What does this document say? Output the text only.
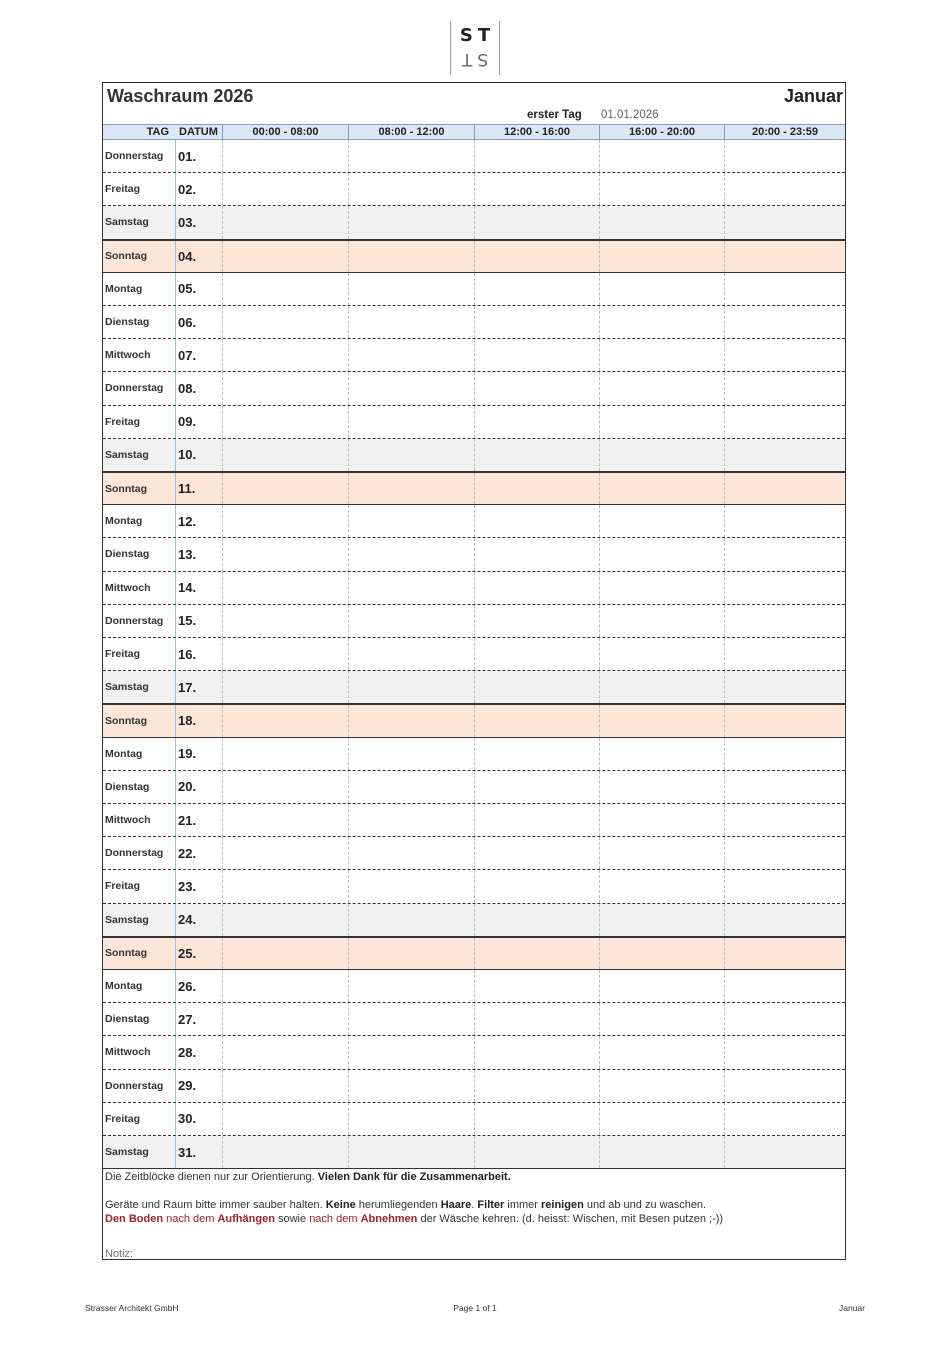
ST
ST
Waschraum 2026	Januar
erster Tag 01.01.2026
TAG DATUM	00:00 - 08:00	08:00 - 12:00	12:00 - 16:00	16:00 - 20:00	20:00 - 23:59
Donnerstag 01.
Freitag	02.
Samstag 03.
Sonntag 04.
Montag	05.
Dienstag 06.
Mittwoch 07.
Donnerstag 08.
Freitag	09.
Samstag 10.
Sonntag 11.
Montag	12.
Dienstag 13.
Mittwoch 14.
Donnerstag 15.
Freitag	16.
Samstag 17.
Sonntag 18.
Montag	19.
Dienstag 20.
Mittwoch 21.
Donnerstag 22.
Freitag	23.
Samstag 24.
Sonntag 25.
Montag	26.
Dienstag 27.
Mittwoch 28.
Donnerstag 29.
Freitag	30.
Samstag 31.
Die Zeitblöcke dienen nur zur Orientierung. Vielen Dank für die Zusammenarbeit.
Geräte und Raum bitte immer sauber halten. Keine herumliegenden Haare. Filter immer reinigen und ab und zu waschen.
Den Boden nach dem Aufhängen sowie nach dem Abnehmen der Wäsche kehren. (d. heisst: Wischen, mit Besen putzen ;-))
Notiz:
Strasser Architekt GmbH	Page 1 of 1	Januar
